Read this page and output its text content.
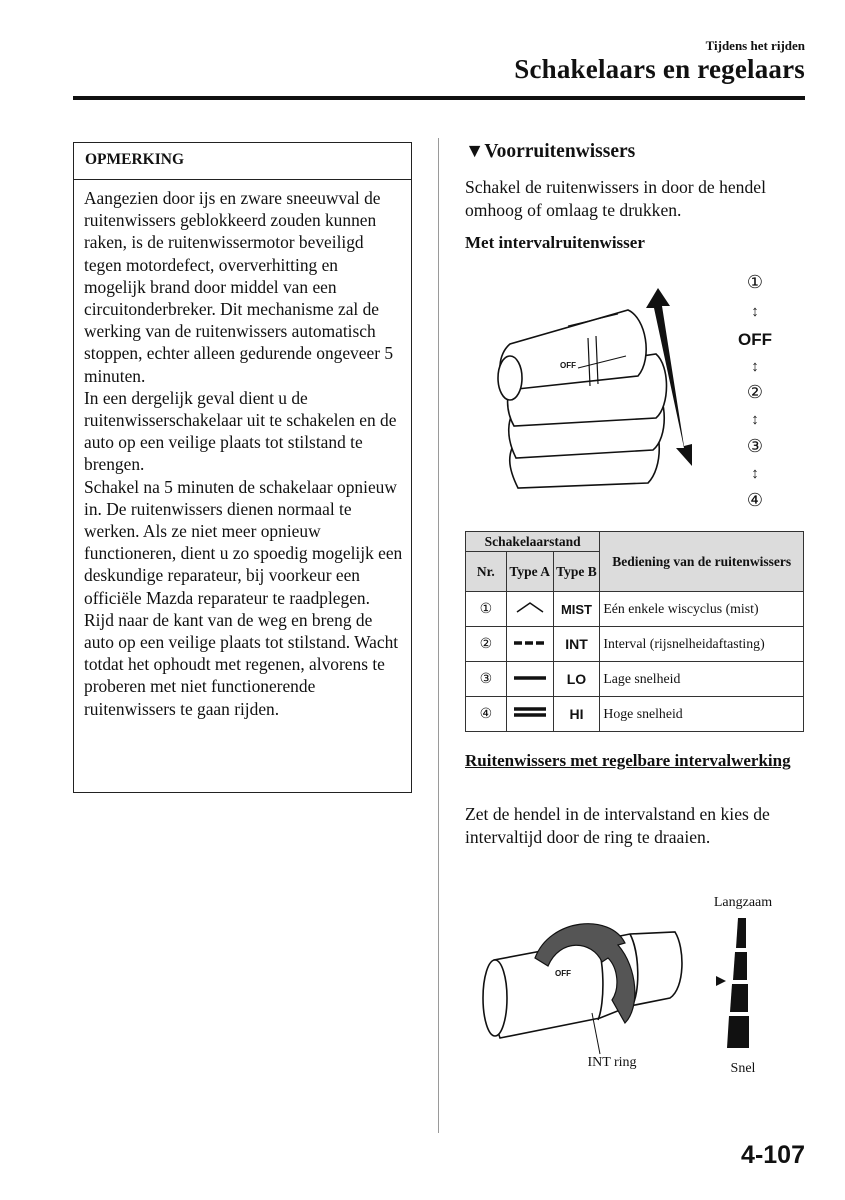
Tijdens het rijden
Schakelaars en regelaars
OPMERKING

Aangezien door ijs en zware sneeuwval de ruitenwissers geblokkeerd zouden kunnen raken, is de ruitenwissermotor beveiligd tegen motordefect, oververhitting en mogelijk brand door middel van een circuitonderbreker. Dit mechanisme zal de werking van de ruitenwissers automatisch stoppen, echter alleen gedurende ongeveer 5 minuten.

In een dergelijk geval dient u de ruitenwisserschakelaar uit te schakelen en de auto op een veilige plaats tot stilstand te brengen.

Schakel na 5 minuten de schakelaar opnieuw in. De ruitenwissers dienen normaal te werken. Als ze niet meer opnieuw functioneren, dient u zo spoedig mogelijk een deskundige reparateur, bij voorkeur een officiële Mazda reparateur te raadplegen. Rijd naar de kant van de weg en breng de auto op een veilige plaats tot stilstand. Wacht totdat het ophoudt met regenen, alvorens te proberen met niet functionerende ruitenwissers te gaan rijden.

▼Voorruitenwissers
Schakel de ruitenwissers in door de hendel omhoog of omlaag te drukken.
Met intervalruitenwisser
OFF
①
↕
OFF
↕
②
↕
③
↕
④
Schakelaarstand			Bediening van de ruitenwissers
Nr.	Type A	Type B	
①		MIST	Eén enkele wiscyclus (mist)
②		INT	Interval (rijsnelheidaftasting)
③		LO	Lage snelheid
④		HI	Hoge snelheid
Ruitenwissers met regelbare intervalwerking
Zet de hendel in de intervalstand en kies de intervaltijd door de ring te draaien.
OFF
Langzaam
Snel
INT ring
4-107
